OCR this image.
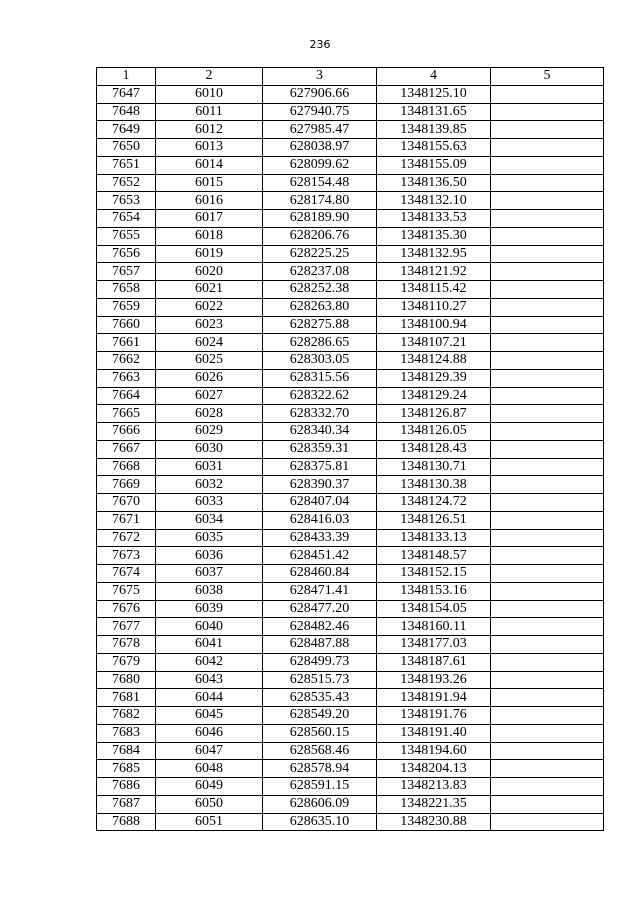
236
1	2	3	4	5
7647	6010	627906.66	1348125.10	
7648	6011	627940.75	1348131.65	
7649	6012	627985.47	1348139.85	
7650	6013	628038.97	1348155.63	
7651	6014	628099.62	1348155.09	
7652	6015	628154.48	1348136.50	
7653	6016	628174.80	1348132.10	
7654	6017	628189.90	1348133.53	
7655	6018	628206.76	1348135.30	
7656	6019	628225.25	1348132.95	
7657	6020	628237.08	1348121.92	
7658	6021	628252.38	1348115.42	
7659	6022	628263.80	1348110.27	
7660	6023	628275.88	1348100.94	
7661	6024	628286.65	1348107.21	
7662	6025	628303.05	1348124.88	
7663	6026	628315.56	1348129.39	
7664	6027	628322.62	1348129.24	
7665	6028	628332.70	1348126.87	
7666	6029	628340.34	1348126.05	
7667	6030	628359.31	1348128.43	
7668	6031	628375.81	1348130.71	
7669	6032	628390.37	1348130.38	
7670	6033	628407.04	1348124.72	
7671	6034	628416.03	1348126.51	
7672	6035	628433.39	1348133.13	
7673	6036	628451.42	1348148.57	
7674	6037	628460.84	1348152.15	
7675	6038	628471.41	1348153.16	
7676	6039	628477.20	1348154.05	
7677	6040	628482.46	1348160.11	
7678	6041	628487.88	1348177.03	
7679	6042	628499.73	1348187.61	
7680	6043	628515.73	1348193.26	
7681	6044	628535.43	1348191.94	
7682	6045	628549.20	1348191.76	
7683	6046	628560.15	1348191.40	
7684	6047	628568.46	1348194.60	
7685	6048	628578.94	1348204.13	
7686	6049	628591.15	1348213.83	
7687	6050	628606.09	1348221.35	
7688	6051	628635.10	1348230.88	
